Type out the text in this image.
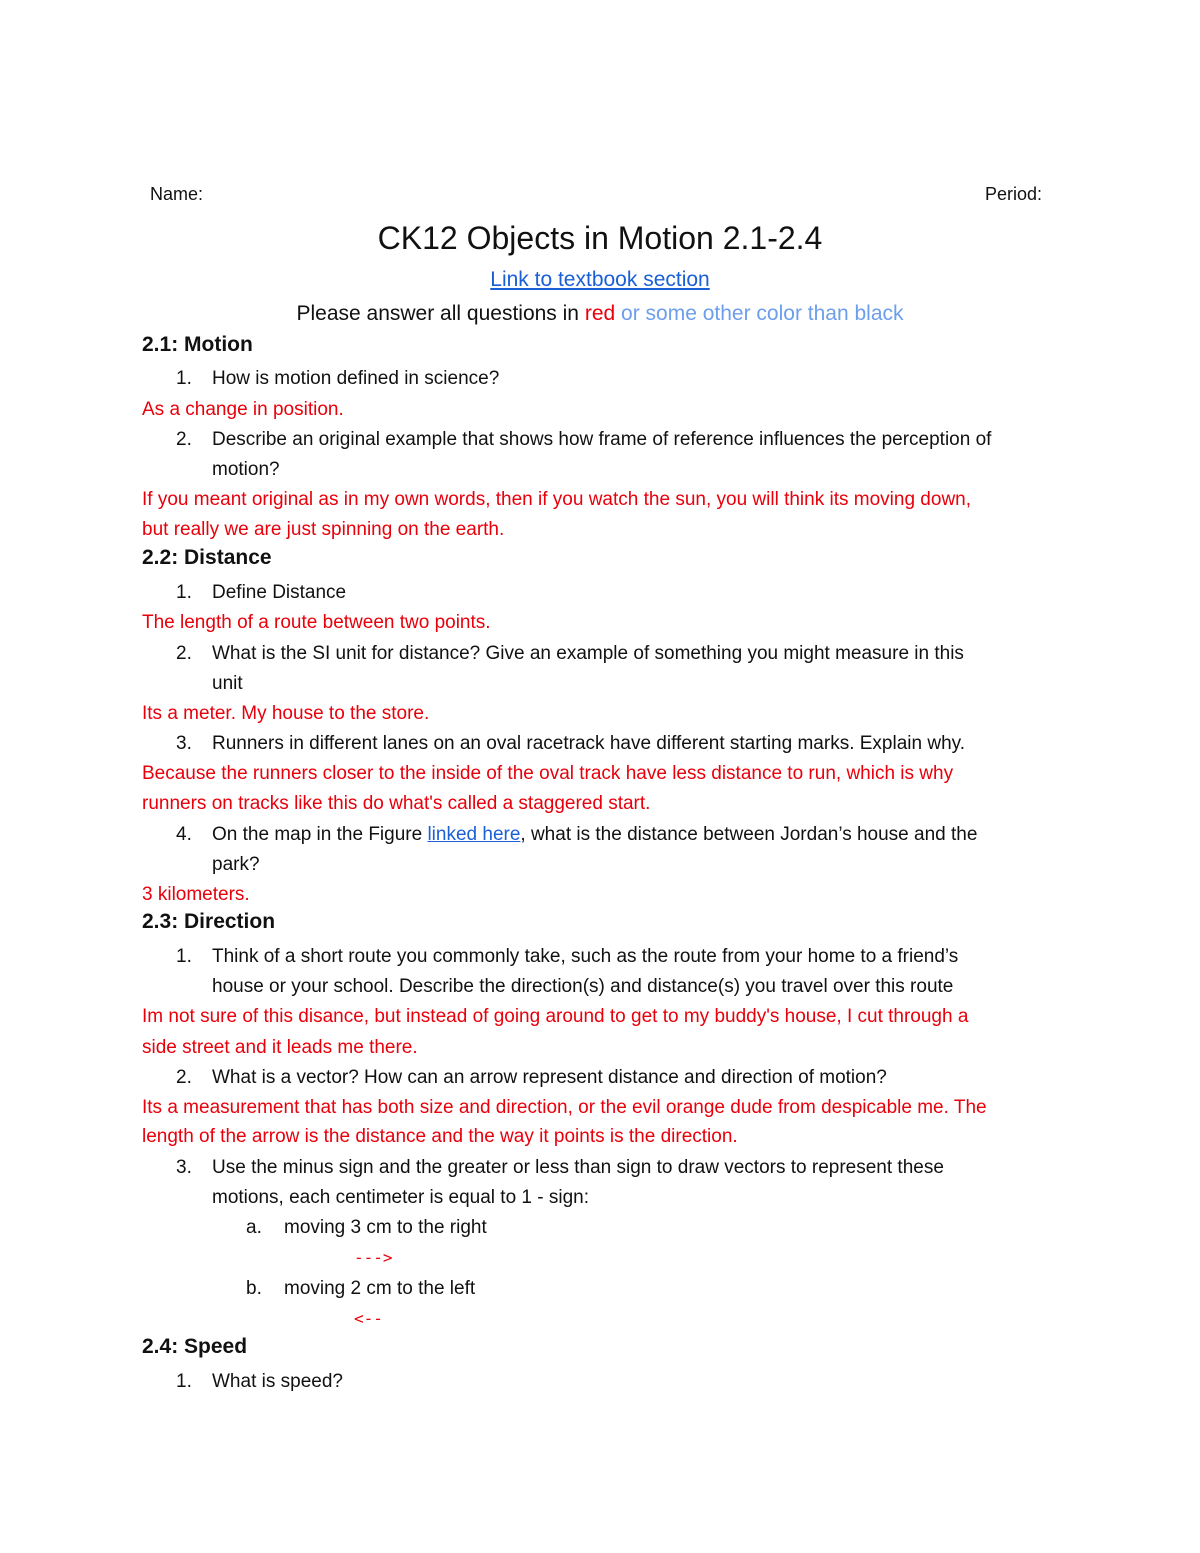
Name:	Period:
CK12 Objects in Motion 2.1-2.4
Link to textbook section
Please answer all questions in red or some other color than black
2.1: Motion
1. How is motion defined in science?
As a change in position.
2. Describe an original example that shows how frame of reference influences the perception of
motion?
If you meant original as in my own words, then if you watch the sun, you will think its moving down,
but really we are just spinning on the earth.
2.2: Distance
1. Define Distance
The length of a route between two points.
2. What is the SI unit for distance? Give an example of something you might measure in this
unit
Its a meter. My house to the store.
3. Runners in different lanes on an oval racetrack have different starting marks. Explain why.
Because the runners closer to the inside of the oval track have less distance to run, which is why
runners on tracks like this do what's called a staggered start.
4. On the map in the Figure linked here, what is the distance between Jordan’s house and the
park?
3 kilometers.
2.3: Direction
1. Think of a short route you commonly take, such as the route from your home to a friend’s
house or your school. Describe the direction(s) and distance(s) you travel over this route
Im not sure of this disance, but instead of going around to get to my buddy's house, I cut through a
side street and it leads me there.
2. What is a vector? How can an arrow represent distance and direction of motion?
Its a measurement that has both size and direction, or the evil orange dude from despicable me. The
length of the arrow is the distance and the way it points is the direction.
3. Use the minus sign and the greater or less than sign to draw vectors to represent these
motions, each centimeter is equal to 1 - sign:
a. moving 3 cm to the right
--->
b. moving 2 cm to the left
<--
2.4: Speed
1. What is speed?
